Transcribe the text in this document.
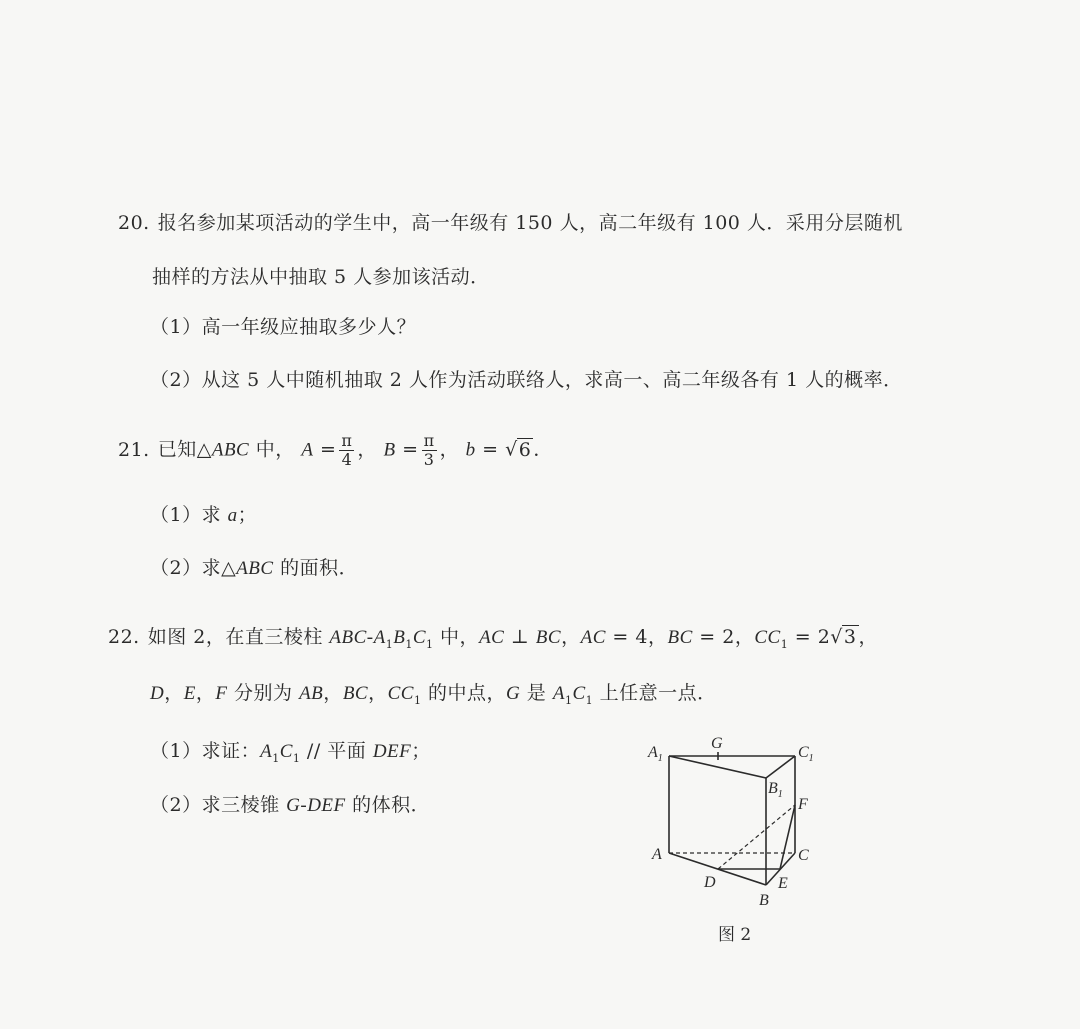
20. 报名参加某项活动的学生中，高一年级有 150 人，高二年级有 100 人．采用分层随机
抽样的方法从中抽取 5 人参加该活动．
（1）高一年级应抽取多少人？
（2）从这 5 人中随机抽取 2 人作为活动联络人，求高一、高二年级各有 1 人的概率．
21. 已知△ABC 中， $A = \frac{\pi}{4}$ ， $B = \frac{\pi}{3}$ ， b = √6 ．
（1）求 a；
（2）求△ABC 的面积．
22. 如图 2，在直三棱柱 ABC-$A_1B_1C_1$ 中，AC ⊥ BC，AC = 4，BC = 2，$CC_1 = 2√3$ ，
D，E，F 分别为 AB，BC，$CC_1$ 的中点，G 是 $A_1C_1$ 上任意一点．
（1）求证：$A_1C_1$ // 平面 DEF；
（2）求三棱锥 G-DEF 的体积．
$A_1$
G
$C_1$
$B_1$
F
A	C
D	E
B
图 2
